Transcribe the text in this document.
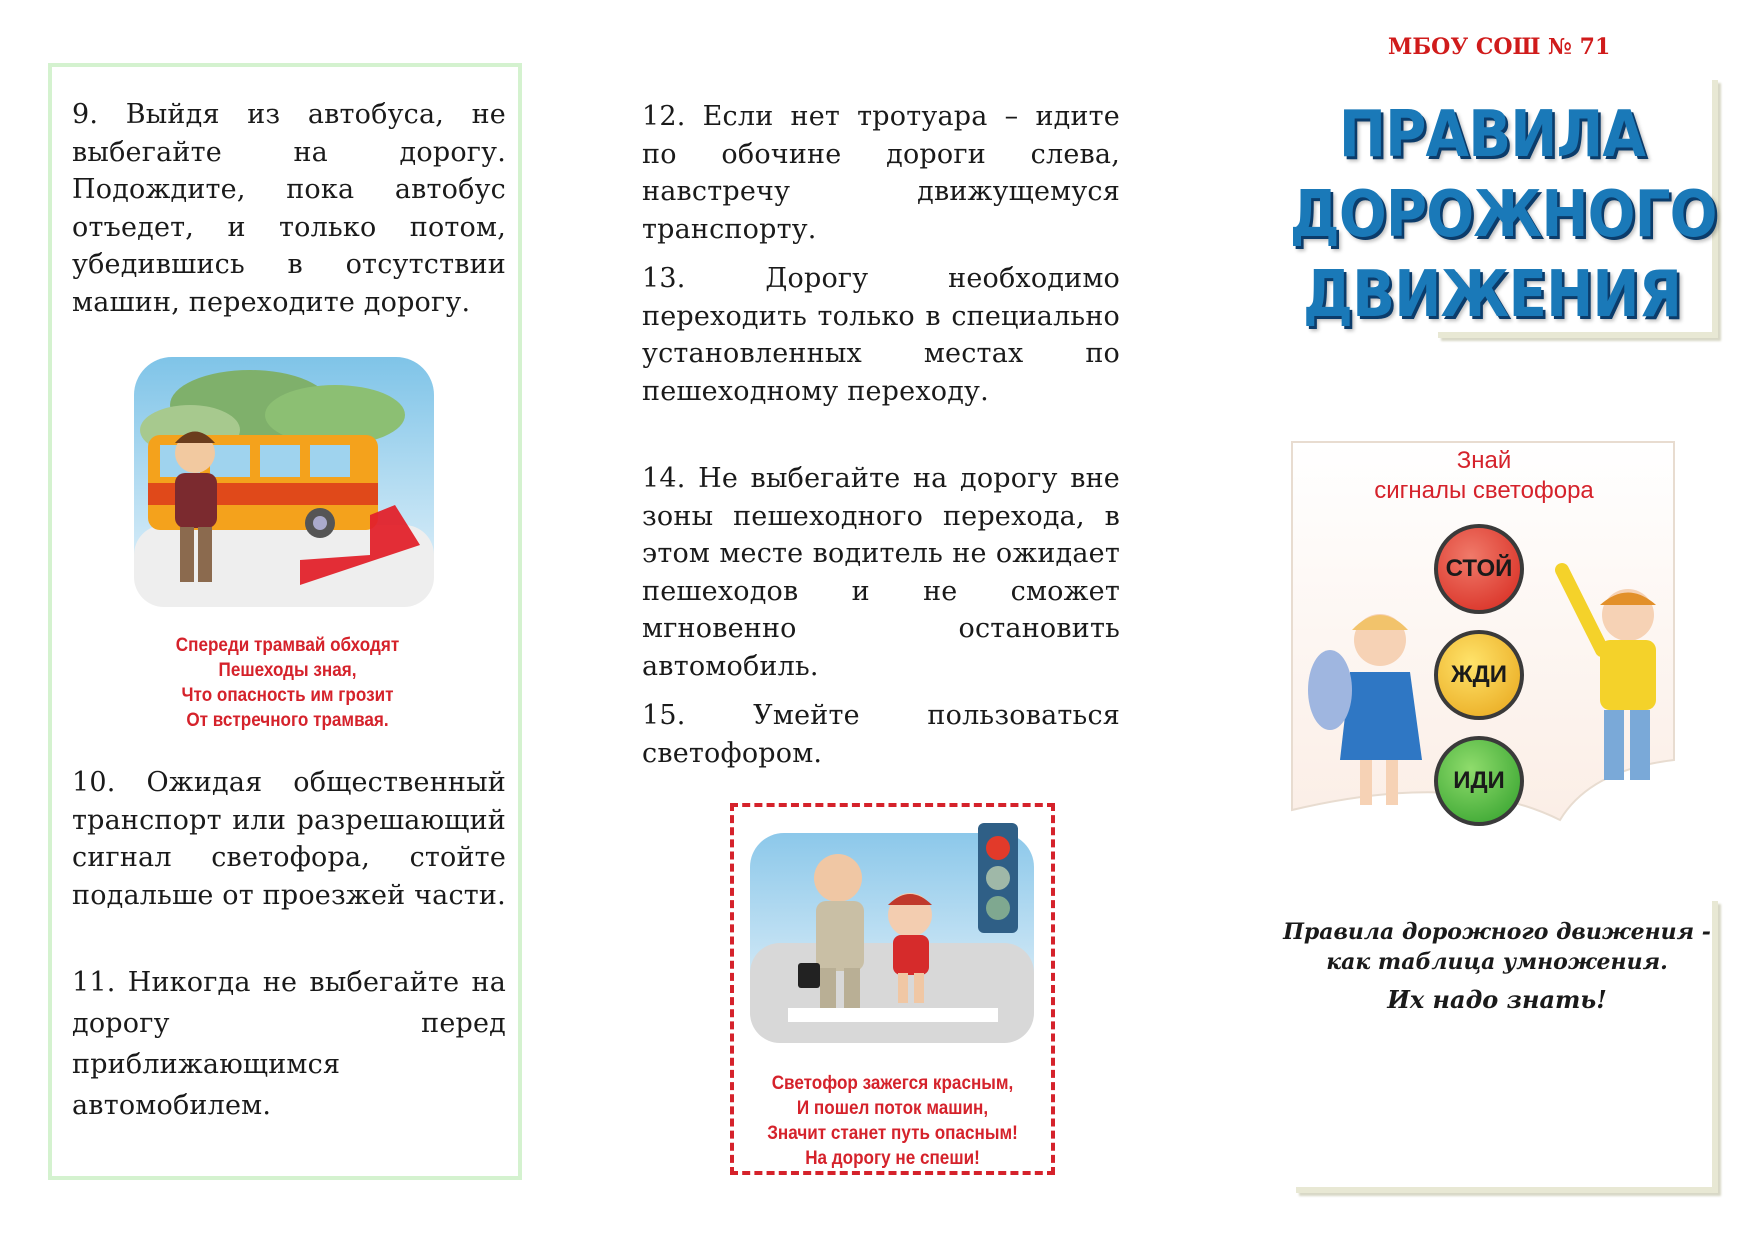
9. Выйдя из автобуса, не выбегайте на дорогу. Подождите, пока автобус отъедет, и только потом, убедившись в отсутствии машин, переходите дорогу.
Спереди трамвай обходят
Пешеходы зная,
Что опасность им грозит
От встречного трамвая.
10. Ожидая общественный транспорт или разрешающий сигнал светофора, стойте подальше от проезжей части.
11. Никогда не выбегайте на дорогу перед приближающимся автомобилем.
12. Если нет тротуара – идите по обочине дороги слева, навстречу движущемуся транспорту.
13. Дорогу необходимо переходить только в специально установленных местах по пешеходному переходу.
14. Не выбегайте на дорогу вне зоны пешеходного перехода, в этом месте водитель не ожидает пешеходов и не сможет мгновенно остановить автомобиль.
15. Умейте пользоваться светофором.
Светофор зажегся красным,
И пошел поток машин,
Значит станет путь опасным!
На дорогу не спеши!
МБОУ СОШ № 71
ПРАВИЛА
ДОРОЖНОГО
ДВИЖЕНИЯ
Знай
сигналы светофора
СТОЙ
ЖДИ
ИДИ
Правила дорожного движения -
как таблица умножения.
Их надо знать!
